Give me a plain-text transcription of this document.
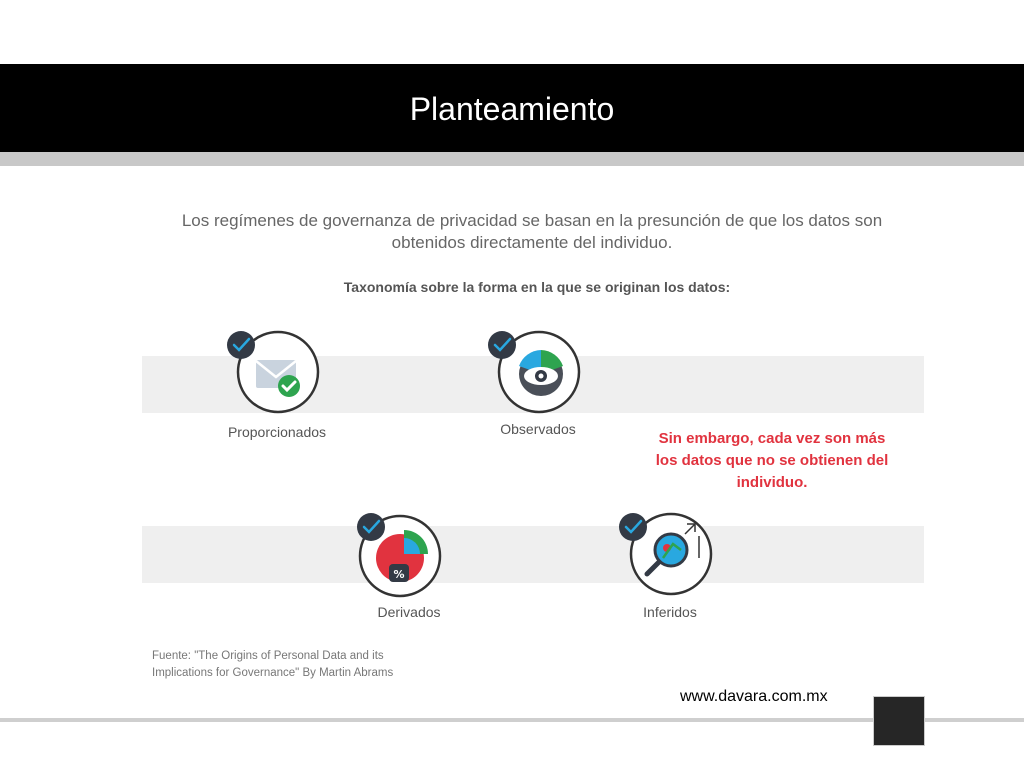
Planteamiento
Los regímenes de governanza de privacidad se basan en la presunción de que los datos son
obtenidos directamente del individuo.
Taxonomía sobre la forma en la que se originan los datos:
Proporcionados	Observados
%
Derivados	Inferidos
Sin embargo, cada vez son más
los datos que no se obtienen del
individuo.
Fuente: "The Origins of Personal Data and its
Implications for Governance" By Martin Abrams
www.davara.com.mx
